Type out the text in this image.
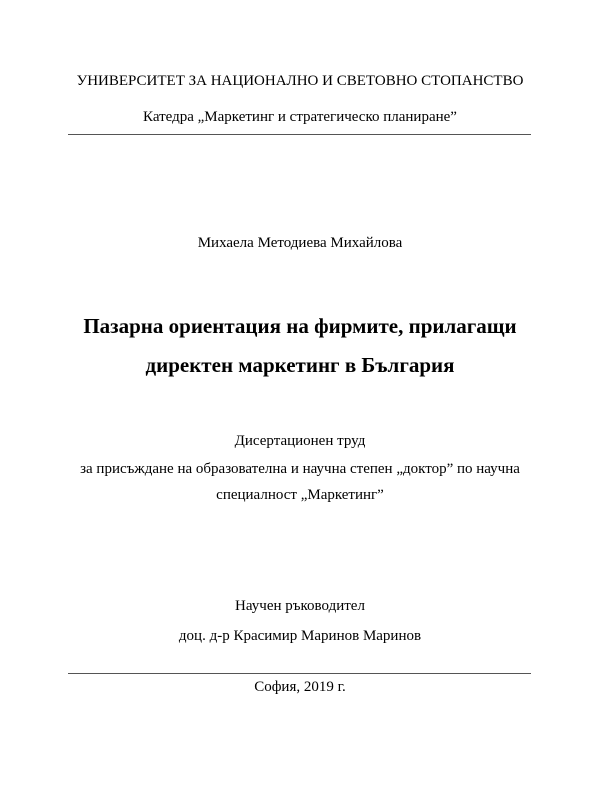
УНИВЕРСИТЕТ ЗА НАЦИОНАЛНО И СВЕТОВНО СТОПАНСТВО
Катедра „Маркетинг и стратегическо планиране”
Михаела Методиева Михайлова
Пазарна ориентация на фирмите, прилагащи
директен маркетинг в България
Дисертационен труд
за присъждане на образователна и научна степен „доктор” по научна
специалност „Маркетинг”
Научен ръководител
доц. д-р Красимир Маринов Маринов
София, 2019 г.
